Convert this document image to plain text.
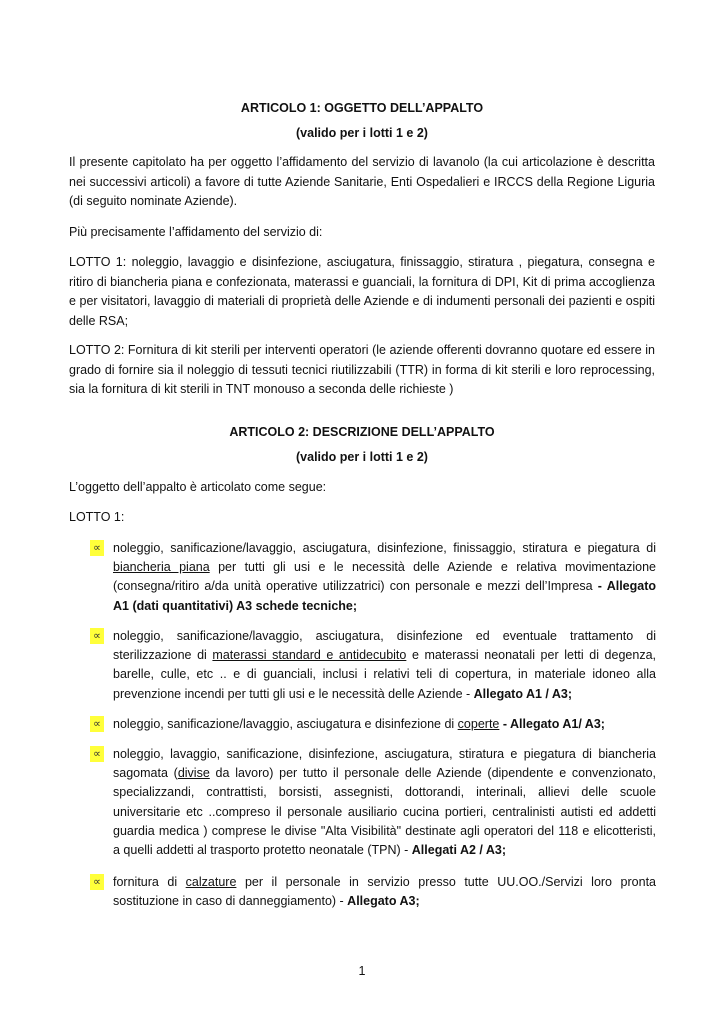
ARTICOLO 1: OGGETTO DELL’APPALTO
(valido per i lotti 1 e 2)
Il presente capitolato ha per oggetto l’affidamento del servizio di lavanolo (la cui articolazione è descritta nei successivi articoli) a favore di tutte Aziende Sanitarie, Enti Ospedalieri e IRCCS della Regione Liguria (di seguito nominate Aziende).
Più precisamente l’affidamento del servizio di:
LOTTO 1: noleggio, lavaggio e disinfezione, asciugatura, finissaggio, stiratura , piegatura, consegna e ritiro di biancheria piana e confezionata, materassi e guanciali, la fornitura di DPI, Kit di prima accoglienza e per visitatori, lavaggio di materiali di proprietà delle Aziende e di indumenti personali dei pazienti e ospiti delle RSA;
LOTTO 2: Fornitura di kit sterili per interventi operatori (le aziende offerenti dovranno quotare ed essere in grado di fornire sia il noleggio di tessuti tecnici riutilizzabili (TTR) in forma di kit sterili e loro reprocessing, sia la fornitura di kit sterili in TNT monouso a seconda delle richieste )
ARTICOLO 2: DESCRIZIONE DELL’APPALTO
(valido per i lotti 1 e 2)
L’oggetto dell’appalto è articolato come segue:
LOTTO 1:
∝ noleggio, sanificazione/lavaggio, asciugatura, disinfezione, finissaggio, stiratura e piegatura di biancheria piana per tutti gli usi e le necessità delle Aziende e relativa movimentazione (consegna/ritiro a/da unità operative utilizzatrici) con personale e mezzi dell’Impresa - Allegato A1 (dati quantitativi) A3 schede tecniche;
∝ noleggio, sanificazione/lavaggio, asciugatura, disinfezione ed eventuale trattamento di sterilizzazione di materassi standard e antidecubito e materassi neonatali per letti di degenza, barelle, culle, etc .. e di guanciali, inclusi i relativi teli di copertura, in materiale idoneo alla prevenzione incendi per tutti gli usi e le necessità delle Aziende - Allegato A1 / A3;
∝ noleggio, sanificazione/lavaggio, asciugatura e disinfezione di coperte - Allegato A1/ A3;
∝ noleggio, lavaggio, sanificazione, disinfezione, asciugatura, stiratura e piegatura di biancheria sagomata (divise da lavoro) per tutto il personale delle Aziende (dipendente e convenzionato, specializzandi, contrattisti, borsisti, assegnisti, dottorandi, interinali, allievi delle scuole universitarie etc ..compreso il personale ausiliario cucina portieri, centralinisti autisti ed addetti guardia medica ) comprese le divise "Alta Visibilità" destinate agli operatori del 118 e elicotteristi, a quelli addetti al trasporto protetto neonatale (TPN) - Allegati A2 / A3;
∝ fornitura di calzature per il personale in servizio presso tutte UU.OO./Servizi loro pronta sostituzione in caso di danneggiamento) - Allegato A3;
1
